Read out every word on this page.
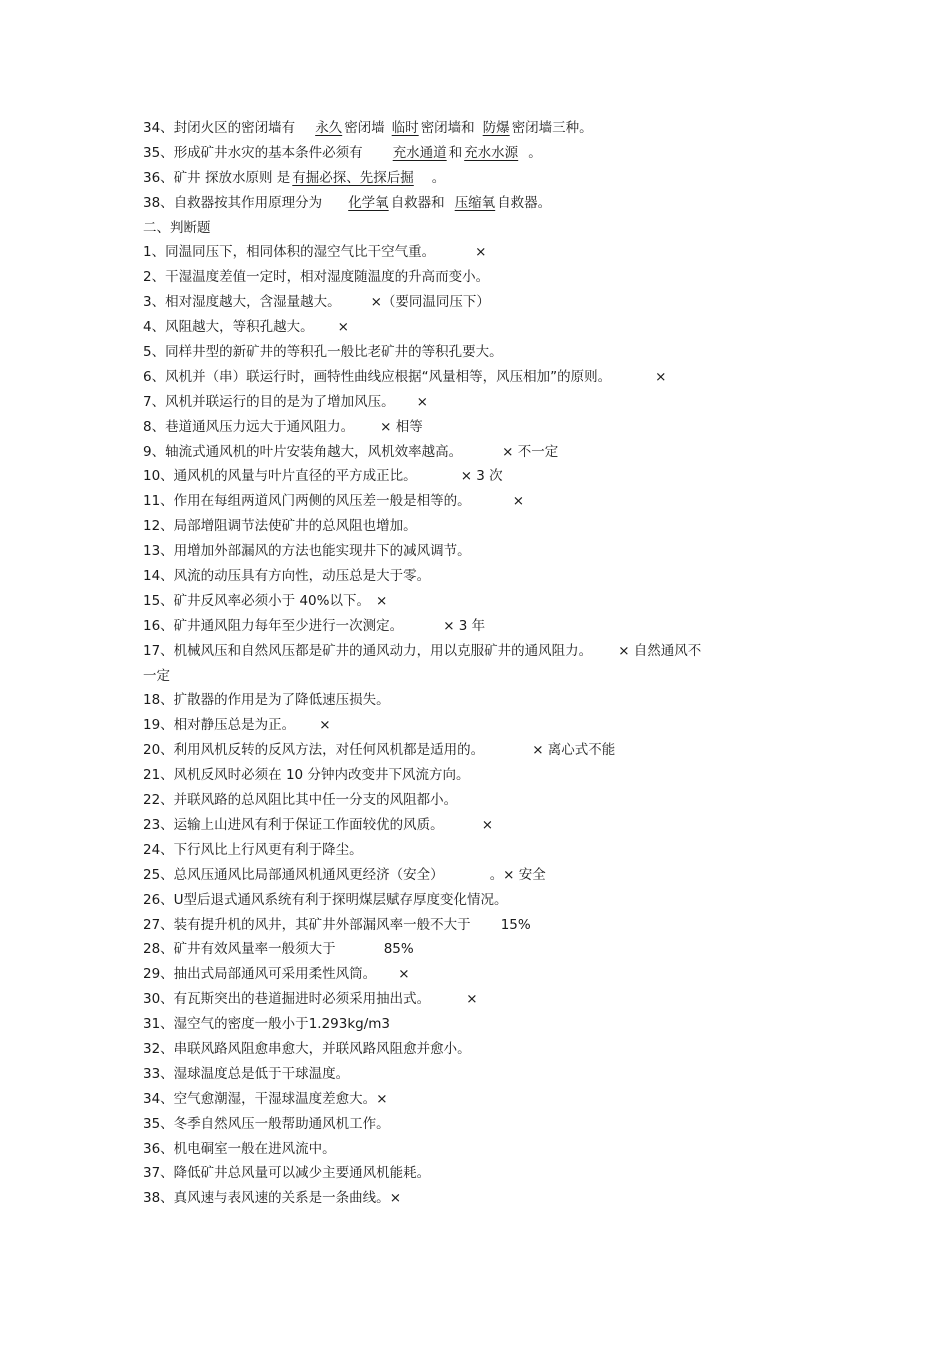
34、封闭火区的密闭墙有 永久 密闭墙 临时 密闭墙和 防爆 密闭墙三种。
35、形成矿井水灾的基本条件必须有 充水通道 和 充水水源 。
36、矿井 探放水原则 是 有掘必探、先探后掘 。
38、自救器按其作用原理分为 化学氧 自救器和 压缩氧 自救器。
二、判断题
1、同温同压下，相同体积的湿空气比干空气重。	×
2、干湿温度差值一定时，相对湿度随温度的升高而变小。
3、相对湿度越大，含湿量越大。 ×（要同温同压下）
4、风阻越大，等积孔越大。 ×
5、同样井型的新矿井的等积孔一般比老矿井的等积孔要大。
6、风机并（串）联运行时，画特性曲线应根据“风量相等，风压相加”的原则。	×
7、风机并联运行的目的是为了增加风压。 ×
8、巷道通风压力远大于通风阻力。 × 相等
9、轴流式通风机的叶片安装角越大，风机效率越高。	× 不一定
10、通风机的风量与叶片直径的平方成正比。	× 3 次
11、作用在每组两道风门两侧的风压差一般是相等的。	×
12、局部增阻调节法使矿井的总风阻也增加。
13、用增加外部漏风的方法也能实现井下的减风调节。
14、风流的动压具有方向性，动压总是大于零。
15、矿井反风率必须小于 40%以下。 ×
16、矿井通风阻力每年至少进行一次测定。	× 3 年
17、机械风压和自然风压都是矿井的通风动力，用以克服矿井的通风阻力。 × 自然通风不
一定
18、扩散器的作用是为了降低速压损失。
19、相对静压总是为正。 ×
20、利用风机反转的反风方法，对任何风机都是适用的。	× 离心式不能
21、风机反风时必须在 10 分钟内改变井下风流方向。
22、并联风路的总风阻比其中任一分支的风阻都小。
23、运输上山进风有利于保证工作面较优的风质。	×
24、下行风比上行风更有利于降尘。
25、总风压通风比局部通风机通风更经济（安全）	。× 安全
26、U型后退式通风系统有利于探明煤层赋存厚度变化情况。
27、装有提升机的风井，其矿井外部漏风率一般不大于 15%
28、矿井有效风量率一般须大于	85%
29、抽出式局部通风可采用柔性风筒。 ×
30、有瓦斯突出的巷道掘进时必须采用抽出式。	×
31、湿空气的密度一般小于1.293kg/m3
32、串联风路风阻愈串愈大，并联风路风阻愈并愈小。
33、湿球温度总是低于干球温度。
34、空气愈潮湿，干湿球温度差愈大。×
35、冬季自然风压一般帮助通风机工作。
36、机电硐室一般在进风流中。
37、降低矿井总风量可以减少主要通风机能耗。
38、真风速与表风速的关系是一条曲线。×
